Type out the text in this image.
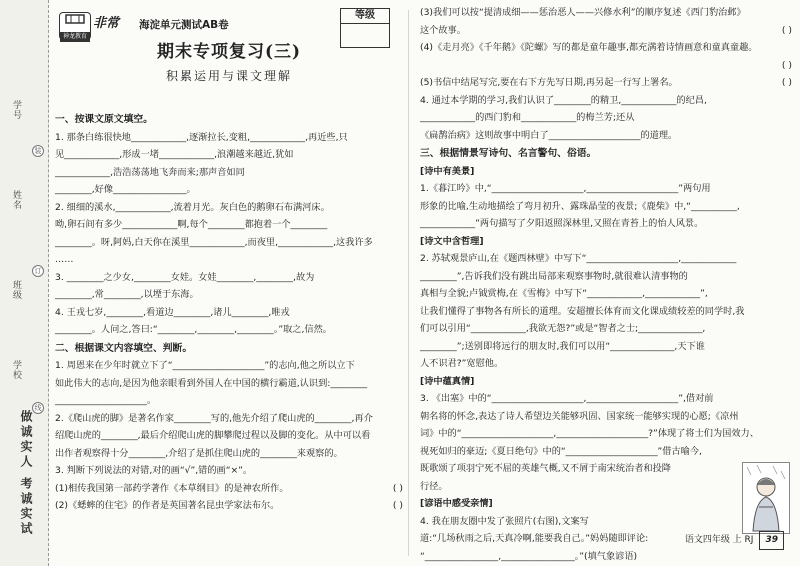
学号
姓名
班级
学校
装
订
线
做诚实人 考诚实试
神龙教育
非常 海淀单元测试AB卷
等级
期末专项复习(三)
积累运用与课文理解
一、按课文原文填空。

1. 那条白练很快地____________,逐渐拉长,变粗,____________,再近些,只

见____________,形成一堵____________,浪潮越来越近,犹如

____________,浩浩荡荡地飞奔而来;那声音如同

________,好像________________。

2. 细细的溪水,____________,流着月光。灰白色的鹅卵石布满河床。

呦,卵石间有多少____________啊,每个________都抱着一个________

________。呀,阿妈,白天你在溪里____________,而夜里,____________,这我许多

……

3. ________之少女,________女娃。女娃________,________,故为

________,常________,以堙于东海。

4. 王戎七岁,________,看道边________,诸儿________,唯戎

________。人问之,答曰:“________,________,________。”取之,信然。

二、根据课文内容填空、判断。

1. 周恩来在少年时就立下了“____________________”的志向,他之所以立下

如此伟大的志向,是因为他亲眼看到外国人在中国的横行霸道,认识到:________

____________________。

2.《爬山虎的脚》是著名作家________写的,他先介绍了爬山虎的________,再介

绍爬山虎的________,最后介绍爬山虎的脚攀爬过程以及脚的变化。从中可以看

出作者观察得十分________,介绍了是抓住爬山虎的________来观察的。

3. 判断下列说法的对错,对的画“√”,错的画“×”。

(1)相传我国第一部药学著作《本草纲目》的是神农所作。	( )

(2)《蟋蟀的住宅》的作者是英国著名昆虫学家法布尔。	( )

(3)我们可以按“提清成细——惩治恶人——兴修水利”的顺序复述《西门豹治邺》

这个故事。	( )

(4)《走月亮》《千年鹅》《陀螺》写的都是童年趣事,都充满着诗情画意和童真童趣。

( )

(5)书信中结尾写完,要在右下方先写日期,再另起一行写上署名。	( )

4. 通过本学期的学习,我们认识了________的精卫,____________的纪昌,

____________的西门豹和____________的梅兰芳;还从

《扁鹊治病》这则故事中明白了____________________的道理。

三、根据情景写诗句、名言警句、俗语。

[诗中有美景]

1.《暮江吟》中,“____________________,____________________”两句用

形象的比喻,生动地描绘了弯月初升、露珠晶莹的夜景;《鹿柴》中,“__________,

____________”两句描写了夕阳返照深林里,又照在青苔上的怡人风景。

[诗文中含哲理]

2. 苏轼观景庐山,在《题西林壁》中写下“____________________,____________

________”,告诉我们没有跳出局部来观察事物时,就很难认清事物的

真相与全貌;卢钺赏梅,在《雪梅》中写下“____________,____________”,

让我们懂得了事物各有所长的道理。安超擅长体育而文化课成绩较差的同学时,我

们可以引用“____________,我欲无怨?”或是“智者之士;______________,

________”;送别即将远行的朋友时,我们可以用“______________,天下谁

人不识君?”宽慰他。

[诗中蕴真情]

3. 《出塞》中的“____________________,____________________”,借对前

朝名将的怀念,表达了诗人希望边关能够巩固、国家统一能够实现的心愿;《凉州

词》中的“____________________,____________________?”体现了将士们为国效力、

视死如归的豪迈;《夏日绝句》中的“____________________”借古喻今,

既歌颂了项羽宁死不屈的英雄气概,又不屑于南宋统治者和投降

行径。

[谚语中感受亲情]

4. 我在朋友圈中发了张照片(右图),文案写

道:“几场秋雨之后,天真冷啊,能要我自己。”妈妈随即评论:

“________________,________________。”(填气象谚语)

语文四年级 上 RJ 39
